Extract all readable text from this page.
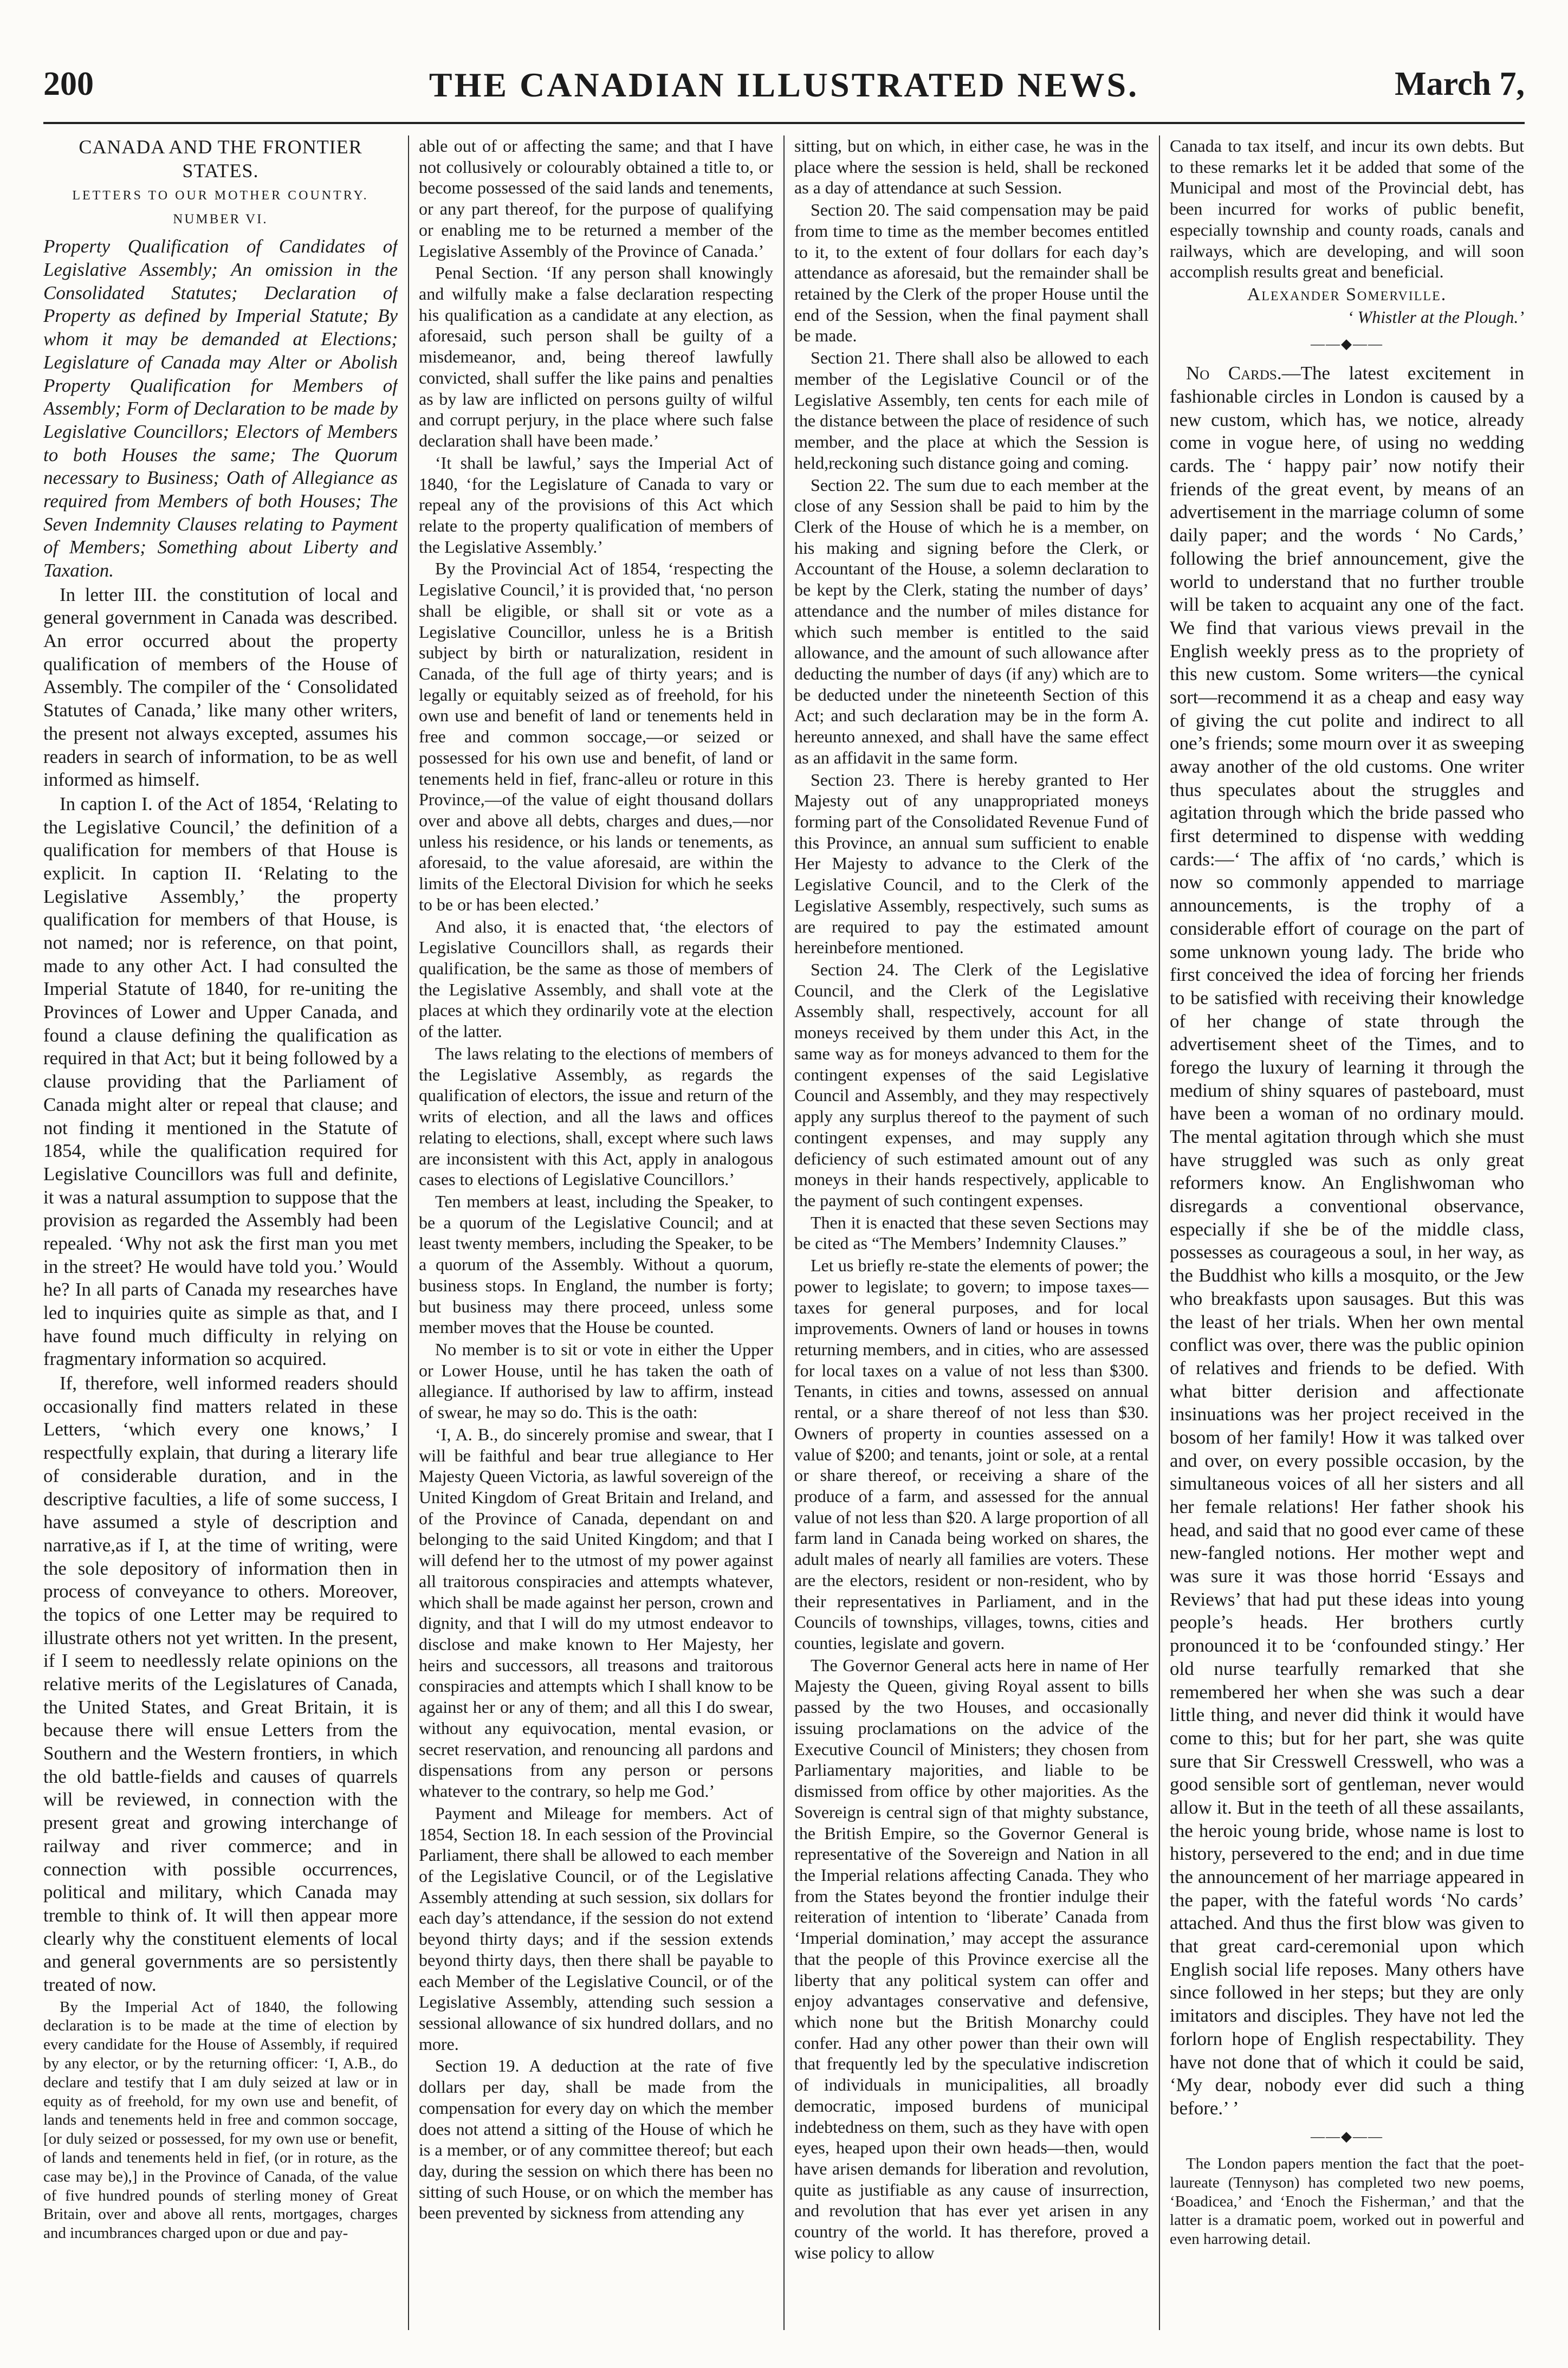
THE CANADIAN ILLUSTRATED NEWS.
200	March 7,

CANADA AND THE FRONTIER STATES.

LETTERS TO OUR MOTHER COUNTRY.
NUMBER VI.

Property Qualification of Candidates of Legislative Assembly; An omission in the Consolidated Statutes; Declaration of Property as defined by Imperial Statute; By whom it may be demanded at Elections; Legislature of Canada may Alter or Abolish Property Qualification for Members of Assembly; Form of Declaration to be made by Legislative Councillors; Electors of Members to both Houses the same; The Quorum necessary to Business; Oath of Allegiance as required from Members of both Houses; The Seven Indemnity Clauses relating to Payment of Members; Something about Liberty and Taxation.

In letter III. the constitution of local and general government in Canada was described. An error occurred about the property qualification of members of the House of Assembly. The compiler of the ‘ Consolidated Statutes of Canada,’ like many other writers, the present not always excepted, assumes his readers in search of information, to be as well informed as himself.

In caption I. of the Act of 1854, ‘Relating to the Legislative Council,’ the definition of a qualification for members of that House is explicit. In caption II. ‘Relating to the Legislative Assembly,’ the property qualification for members of that House, is not named; nor is reference, on that point, made to any other Act. I had consulted the Imperial Statute of 1840, for re-uniting the Provinces of Lower and Upper Canada, and found a clause defining the qualification as required in that Act; but it being followed by a clause providing that the Parliament of Canada might alter or repeal that clause; and not finding it mentioned in the Statute of 1854, while the qualification required for Legislative Councillors was full and definite, it was a natural assumption to suppose that the provision as regarded the Assembly had been repealed. ‘Why not ask the first man you met in the street? He would have told you.’ Would he? In all parts of Canada my researches have led to inquiries quite as simple as that, and I have found much difficulty in relying on fragmentary information so acquired.

If, therefore, well informed readers should occasionally find matters related in these Letters, ‘which every one knows,’ I respectfully explain, that during a literary life of considerable duration, and in the descriptive faculties, a life of some success, I have assumed a style of description and narrative,as if I, at the time of writing, were the sole depository of information then in process of conveyance to others. Moreover, the topics of one Letter may be required to illustrate others not yet written. In the present, if I seem to needlessly relate opinions on the relative merits of the Legislatures of Canada, the United States, and Great Britain, it is because there will ensue Letters from the Southern and the Western frontiers, in which the old battle-fields and causes of quarrels will be reviewed, in connection with the present great and growing interchange of railway and river commerce; and in connection with possible occurrences, political and military, which Canada may tremble to think of. It will then appear more clearly why the constituent elements of local and general governments are so persistently treated of now.

By the Imperial Act of 1840, the following declaration is to be made at the time of election by every candidate for the House of Assembly, if required by any elector, or by the returning officer: ‘I, A.B., do declare and testify that I am duly seized at law or in equity as of freehold, for my own use and benefit, of lands and tenements held in free and common soccage, [or duly seized or possessed, for my own use or benefit, of lands and tenements held in fief, (or in roture, as the case may be),] in the Province of Canada, of the value of five hundred pounds of sterling money of Great Britain, over and above all rents, mortgages, charges and incumbrances charged upon or due and pay-

able out of or affecting the same; and that I have not collusively or colourably obtained a title to, or become possessed of the said lands and tenements, or any part thereof, for the purpose of qualifying or enabling me to be returned a member of the Legislative Assembly of the Province of Canada.’

Penal Section. ‘If any person shall knowingly and wilfully make a false declaration respecting his qualification as a candidate at any election, as aforesaid, such person shall be guilty of a misdemeanor, and, being thereof lawfully convicted, shall suffer the like pains and penalties as by law are inflicted on persons guilty of wilful and corrupt perjury, in the place where such false declaration shall have been made.’

‘It shall be lawful,’ says the Imperial Act of 1840, ‘for the Legislature of Canada to vary or repeal any of the provisions of this Act which relate to the property qualification of members of the Legislative Assembly.’

By the Provincial Act of 1854, ‘respecting the Legislative Council,’ it is provided that, ‘no person shall be eligible, or shall sit or vote as a Legislative Councillor, unless he is a British subject by birth or naturalization, resident in Canada, of the full age of thirty years; and is legally or equitably seized as of freehold, for his own use and benefit of land or tenements held in free and common soccage,—or seized or possessed for his own use and benefit, of land or tenements held in fief, franc-alleu or roture in this Province,—of the value of eight thousand dollars over and above all debts, charges and dues,—nor unless his residence, or his lands or tenements, as aforesaid, to the value aforesaid, are within the limits of the Electoral Division for which he seeks to be or has been elected.’

And also, it is enacted that, ‘the electors of Legislative Councillors shall, as regards their qualification, be the same as those of members of the Legislative Assembly, and shall vote at the places at which they ordinarily vote at the election of the latter.

The laws relating to the elections of members of the Legislative Assembly, as regards the qualification of electors, the issue and return of the writs of election, and all the laws and offices relating to elections, shall, except where such laws are inconsistent with this Act, apply in analogous cases to elections of Legislative Councillors.’

Ten members at least, including the Speaker, to be a quorum of the Legislative Council; and at least twenty members, including the Speaker, to be a quorum of the Assembly. Without a quorum, business stops. In England, the number is forty; but business may there proceed, unless some member moves that the House be counted.

No member is to sit or vote in either the Upper or Lower House, until he has taken the oath of allegiance. If authorised by law to affirm, instead of swear, he may so do. This is the oath:

‘I, A. B., do sincerely promise and swear, that I will be faithful and bear true allegiance to Her Majesty Queen Victoria, as lawful sovereign of the United Kingdom of Great Britain and Ireland, and of the Province of Canada, dependant on and belonging to the said United Kingdom; and that I will defend her to the utmost of my power against all traitorous conspiracies and attempts whatever, which shall be made against her person, crown and dignity, and that I will do my utmost endeavor to disclose and make known to Her Majesty, her heirs and successors, all treasons and traitorous conspiracies and attempts which I shall know to be against her or any of them; and all this I do swear, without any equivocation, mental evasion, or secret reservation, and renouncing all pardons and dispensations from any person or persons whatever to the contrary, so help me God.’

Payment and Mileage for members. Act of 1854, Section 18. In each session of the Provincial Parliament, there shall be allowed to each member of the Legislative Council, or of the Legislative Assembly attending at such session, six dollars for each day’s attendance, if the session do not extend beyond thirty days; and if the session extends beyond thirty days, then there shall be payable to each Member of the Legislative Council, or of the Legislative Assembly, attending such session a sessional allowance of six hundred dollars, and no more.

Section 19. A deduction at the rate of five dollars per day, shall be made from the compensation for every day on which the member does not attend a sitting of the House of which he is a member, or of any committee thereof; but each day, during the session on which there has been no sitting of such House, or on which the member has been prevented by sickness from attending any

sitting, but on which, in either case, he was in the place where the session is held, shall be reckoned as a day of attendance at such Session.

Section 20. The said compensation may be paid from time to time as the member becomes entitled to it, to the extent of four dollars for each day’s attendance as aforesaid, but the remainder shall be retained by the Clerk of the proper House until the end of the Session, when the final payment shall be made.

Section 21. There shall also be allowed to each member of the Legislative Council or of the Legislative Assembly, ten cents for each mile of the distance between the place of residence of such member, and the place at which the Session is held,reckoning such distance going and coming.

Section 22. The sum due to each member at the close of any Session shall be paid to him by the Clerk of the House of which he is a member, on his making and signing before the Clerk, or Accountant of the House, a solemn declaration to be kept by the Clerk, stating the number of days’ attendance and the number of miles distance for which such member is entitled to the said allowance, and the amount of such allowance after deducting the number of days (if any) which are to be deducted under the nineteenth Section of this Act; and such declaration may be in the form A. hereunto annexed, and shall have the same effect as an affidavit in the same form.

Section 23. There is hereby granted to Her Majesty out of any unappropriated moneys forming part of the Consolidated Revenue Fund of this Province, an annual sum sufficient to enable Her Majesty to advance to the Clerk of the Legislative Council, and to the Clerk of the Legislative Assembly, respectively, such sums as are required to pay the estimated amount hereinbefore mentioned.

Section 24. The Clerk of the Legislative Council, and the Clerk of the Legislative Assembly shall, respectively, account for all moneys received by them under this Act, in the same way as for moneys advanced to them for the contingent expenses of the said Legislative Council and Assembly, and they may respectively apply any surplus thereof to the payment of such contingent expenses, and may supply any deficiency of such estimated amount out of any moneys in their hands respectively, applicable to the payment of such contingent expenses.

Then it is enacted that these seven Sections may be cited as “The Members’ Indemnity Clauses.”

Let us briefly re-state the elements of power; the power to legislate; to govern; to impose taxes—taxes for general purposes, and for local improvements. Owners of land or houses in towns returning members, and in cities, who are assessed for local taxes on a value of not less than $300. Tenants, in cities and towns, assessed on annual rental, or a share thereof of not less than $30. Owners of property in counties assessed on a value of $200; and tenants, joint or sole, at a rental or share thereof, or receiving a share of the produce of a farm, and assessed for the annual value of not less than $20. A large proportion of all farm land in Canada being worked on shares, the adult males of nearly all families are voters. These are the electors, resident or non-resident, who by their representatives in Parliament, and in the Councils of townships, villages, towns, cities and counties, legislate and govern.

The Governor General acts here in name of Her Majesty the Queen, giving Royal assent to bills passed by the two Houses, and occasionally issuing proclamations on the advice of the Executive Council of Ministers; they chosen from Parliamentary majorities, and liable to be dismissed from office by other majorities. As the Sovereign is central sign of that mighty substance, the British Empire, so the Governor General is representative of the Sovereign and Nation in all the Imperial relations affecting Canada. They who from the States beyond the frontier indulge their reiteration of intention to ‘liberate’ Canada from ‘Imperial domination,’ may accept the assurance that the people of this Province exercise all the liberty that any political system can offer and enjoy advantages conservative and defensive, which none but the British Monarchy could confer. Had any other power than their own will that frequently led by the speculative indiscretion of individuals in municipalities, all broadly democratic, imposed burdens of municipal indebtedness on them, such as they have with open eyes, heaped upon their own heads—then, would have arisen demands for liberation and revolution, quite as justifiable as any cause of insurrection, and revolution that has ever yet arisen in any country of the world. It has therefore, proved a wise policy to allow

Canada to tax itself, and incur its own debts. But to these remarks let it be added that some of the Municipal and most of the Provincial debt, has been incurred for works of public benefit, especially township and county roads, canals and railways, which are developing, and will soon accomplish results great and beneficial.

Alexander Somerville.

‘ Whistler at the Plough.’

——◆——

No Cards.—The latest excitement in fashionable circles in London is caused by a new custom, which has, we notice, already come in vogue here, of using no wedding cards. The ‘ happy pair’ now notify their friends of the great event, by means of an advertisement in the marriage column of some daily paper; and the words ‘ No Cards,’ following the brief announcement, give the world to understand that no further trouble will be taken to acquaint any one of the fact. We find that various views prevail in the English weekly press as to the propriety of this new custom. Some writers—the cynical sort—recommend it as a cheap and easy way of giving the cut polite and indirect to all one’s friends; some mourn over it as sweeping away another of the old customs. One writer thus speculates about the struggles and agitation through which the bride passed who first determined to dispense with wedding cards:—‘ The affix of ‘no cards,’ which is now so commonly appended to marriage announcements, is the trophy of a considerable effort of courage on the part of some unknown young lady. The bride who first conceived the idea of forcing her friends to be satisfied with receiving their knowledge of her change of state through the advertisement sheet of the Times, and to forego the luxury of learning it through the medium of shiny squares of pasteboard, must have been a woman of no ordinary mould. The mental agitation through which she must have struggled was such as only great reformers know. An Englishwoman who disregards a conventional observance, especially if she be of the middle class, possesses as courageous a soul, in her way, as the Buddhist who kills a mosquito, or the Jew who breakfasts upon sausages. But this was the least of her trials. When her own mental conflict was over, there was the public opinion of relatives and friends to be defied. With what bitter derision and affectionate insinuations was her project received in the bosom of her family! How it was talked over and over, on every possible occasion, by the simultaneous voices of all her sisters and all her female relations! Her father shook his head, and said that no good ever came of these new-fangled notions. Her mother wept and was sure it was those horrid ‘Essays and Reviews’ that had put these ideas into young people’s heads. Her brothers curtly pronounced it to be ‘confounded stingy.’ Her old nurse tearfully remarked that she remembered her when she was such a dear little thing, and never did think it would have come to this; but for her part, she was quite sure that Sir Cresswell Cresswell, who was a good sensible sort of gentleman, never would allow it. But in the teeth of all these assailants, the heroic young bride, whose name is lost to history, persevered to the end; and in due time the announcement of her marriage appeared in the paper, with the fateful words ‘No cards’ attached. And thus the first blow was given to that great card-ceremonial upon which English social life reposes. Many others have since followed in her steps; but they are only imitators and disciples. They have not led the forlorn hope of English respectability. They have not done that of which it could be said, ‘My dear, nobody ever did such a thing before.’ ’

——◆——

The London papers mention the fact that the poet-laureate (Tennyson) has completed two new poems, ‘Boadicea,’ and ‘Enoch the Fisherman,’ and that the latter is a dramatic poem, worked out in powerful and even harrowing detail.
